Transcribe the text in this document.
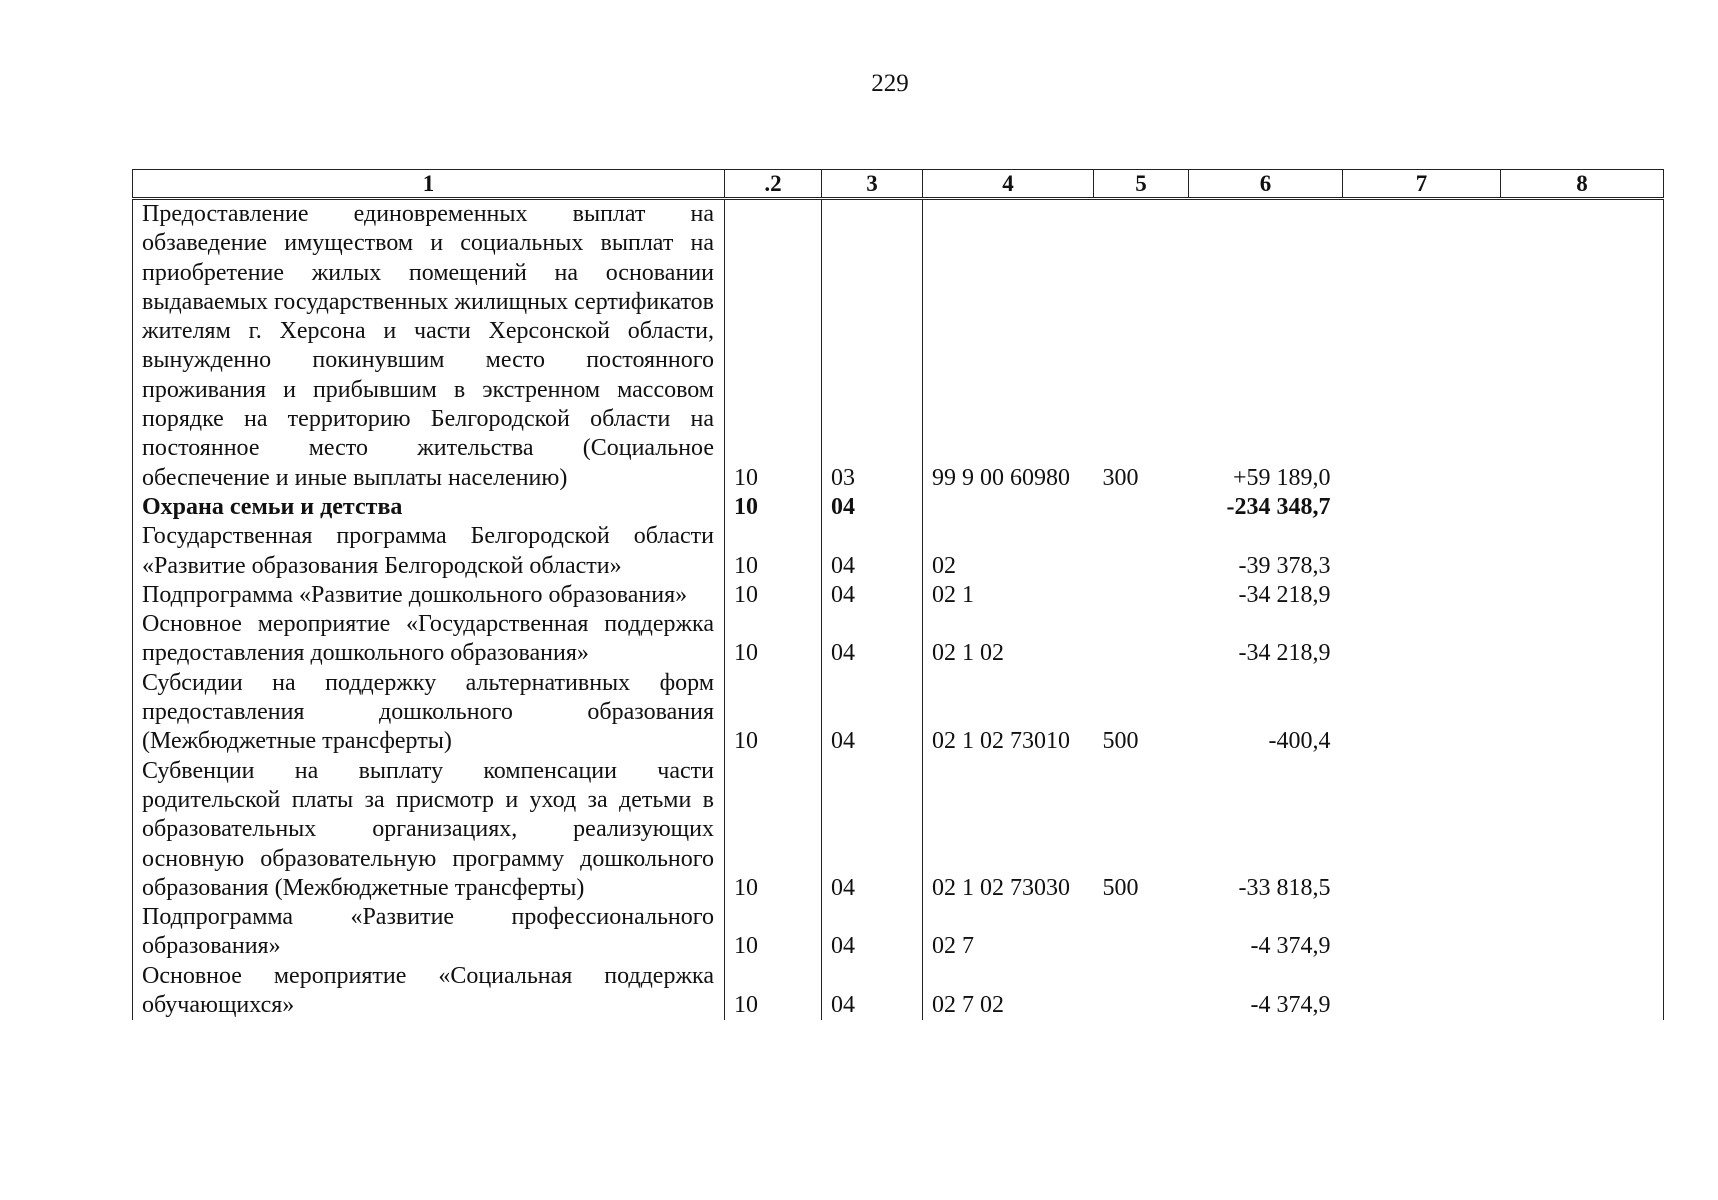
229
1	.2	3	4	5	6	7	8
Предоставление единовременных выплат на обзаведение имуществом и социальных выплат на приобретение жилых помещений на основании выдаваемых государственных жилищных сертификатов жителям г. Херсона и части Херсонской области, вынужденно покинувшим место постоянного проживания и прибывшим в экстренном массовом порядке на территорию Белгородской области на постоянное место жительства (Социальное обеспечение и иные выплаты населению)	10	03	99 9 00 60980	300	+59 189,0		
Охрана семьи и детства	10	04			-234 348,7		
Государственная программа Белгородской области «Развитие образования Белгородской области»	10	04	02		-39 378,3		
Подпрограмма «Развитие дошкольного образования»	10	04	02 1		-34 218,9		
Основное мероприятие «Государственная поддержка предоставления дошкольного образования»	10	04	02 1 02		-34 218,9		
Субсидии на поддержку альтернативных форм предоставления дошкольного образования (Межбюджетные трансферты)	10	04	02 1 02 73010	500	-400,4		
Субвенции на выплату компенсации части родительской платы за присмотр и уход за детьми в образовательных организациях, реализующих основную образовательную программу дошкольного образования (Межбюджетные трансферты)	10	04	02 1 02 73030	500	-33 818,5		
Подпрограмма «Развитие профессионального образования»	10	04	02 7		-4 374,9		
Основное мероприятие «Социальная поддержка обучающихся»	10	04	02 7 02		-4 374,9		
